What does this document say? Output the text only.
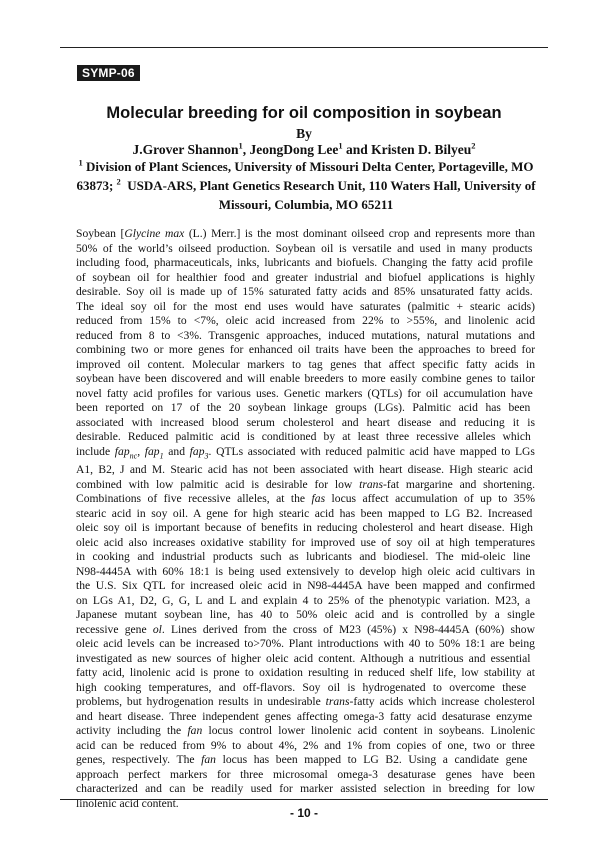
SYMP-06
Molecular breeding for oil composition in soybean
By
J.Grover Shannon$^1$, JeongDong Lee$^1$ and Kristen D. Bilyeu$^2$
$^1$ Division of Plant Sciences, University of Missouri Delta Center, Portageville, MO 63873; $^2$ USDA-ARS, Plant Genetics Research Unit, 110 Waters Hall, University of Missouri, Columbia, MO 65211
Soybean [Glycine max (L.) Merr.] is the most dominant oilseed crop and represents more than
50% of the world’s oilseed production. Soybean oil is versatile and used in many products
including food, pharmaceuticals, inks, lubricants and biofuels. Changing the fatty acid profile
of soybean oil for healthier food and greater industrial and biofuel applications is highly
desirable. Soy oil is made up of 15% saturated fatty acids and 85% unsaturated fatty acids.
The ideal soy oil for the most end uses would have saturates (palmitic + stearic acids)
reduced from 15% to <7%, oleic acid increased from 22% to >55%, and linolenic acid
reduced from 8 to <3%. Transgenic approaches, induced mutations, natural mutations and
combining two or more genes for enhanced oil traits have been the approaches to breed for
improved oil content. Molecular markers to tag genes that affect specific fatty acids in
soybean have been discovered and will enable breeders to more easily combine genes to tailor
novel fatty acid profiles for various uses. Genetic markers (QTLs) for oil accumulation have
been reported on 17 of the 20 soybean linkage groups (LGs). Palmitic acid has been
associated with increased blood serum cholesterol and heart disease and reducing it is
desirable. Reduced palmitic acid is conditioned by at least three recessive alleles which
include fap$_{nc}$, fap$_1$ and fap$_3$. QTLs associated with reduced palmitic acid have mapped to LGs
A1, B2, J and M. Stearic acid has not been associated with heart disease. High stearic acid
combined with low palmitic acid is desirable for low trans-fat margarine and shortening.
Combinations of five recessive alleles, at the fas locus affect accumulation of up to 35%
stearic acid in soy oil. A gene for high stearic acid has been mapped to LG B2. Increased
oleic soy oil is important because of benefits in reducing cholesterol and heart disease. High
oleic acid also increases oxidative stability for improved use of soy oil at high temperatures
in cooking and industrial products such as lubricants and biodiesel. The mid-oleic line
N98-4445A with 60% 18:1 is being used extensively to develop high oleic acid cultivars in
the U.S. Six QTL for increased oleic acid in N98-4445A have been mapped and confirmed
on LGs A1, D2, G, G, L and L and explain 4 to 25% of the phenotypic variation. M23, a
Japanese mutant soybean line, has 40 to 50% oleic acid and is controlled by a single
recessive gene ol. Lines derived from the cross of M23 (45%) x N98-4445A (60%) show
oleic acid levels can be increased to>70%. Plant introductions with 40 to 50% 18:1 are being
investigated as new sources of higher oleic acid content. Although a nutritious and essential
fatty acid, linolenic acid is prone to oxidation resulting in reduced shelf life, low stability at
high cooking temperatures, and off-flavors. Soy oil is hydrogenated to overcome these
problems, but hydrogenation results in undesirable trans-fatty acids which increase cholesterol
and heart disease. Three independent genes affecting omega-3 fatty acid desaturase enzyme
activity including the fan locus control lower linolenic acid content in soybeans. Linolenic
acid can be reduced from 9% to about 4%, 2% and 1% from copies of one, two or three
genes, respectively. The fan locus has been mapped to LG B2. Using a candidate gene
approach perfect markers for three microsomal omega-3 desaturase genes have been
characterized and can be readily used for marker assisted selection in breeding for low
linolenic acid content.
- 10 -
